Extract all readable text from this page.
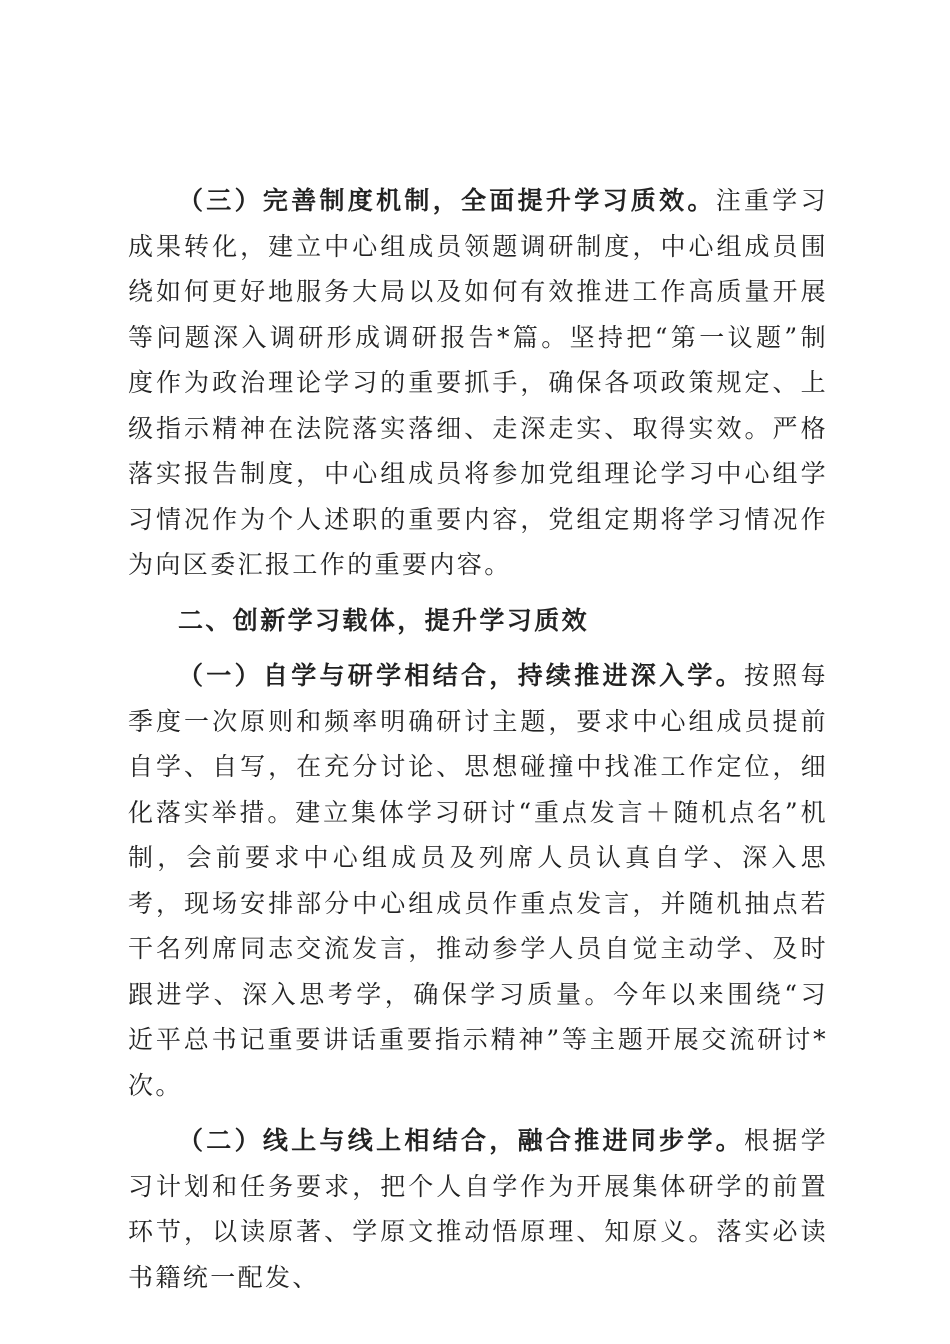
（三）完善制度机制，全面提升学习质效。注重学习成果转化，建立中心组成员领题调研制度，中心组成员围绕如何更好地服务大局以及如何有效推进工作高质量开展等问题深入调研形成调研报告*篇。坚持把“第一议题”制度作为政治理论学习的重要抓手，确保各项政策规定、上级指示精神在法院落实落细、走深走实、取得实效。严格落实报告制度，中心组成员将参加党组理论学习中心组学习情况作为个人述职的重要内容，党组定期将学习情况作为向区委汇报工作的重要内容。

二、创新学习载体，提升学习质效

（一）自学与研学相结合，持续推进深入学。按照每季度一次原则和频率明确研讨主题，要求中心组成员提前自学、自写，在充分讨论、思想碰撞中找准工作定位，细化落实举措。建立集体学习研讨“重点发言＋随机点名”机制，会前要求中心组成员及列席人员认真自学、深入思考，现场安排部分中心组成员作重点发言，并随机抽点若干名列席同志交流发言，推动参学人员自觉主动学、及时跟进学、深入思考学，确保学习质量。今年以来围绕“习近平总书记重要讲话重要指示精神”等主题开展交流研讨*次。

（二）线上与线上相结合，融合推进同步学。根据学习计划和任务要求，把个人自学作为开展集体研学的前置环节，以读原著、学原文推动悟原理、知原义。落实必读书籍统一配发、
